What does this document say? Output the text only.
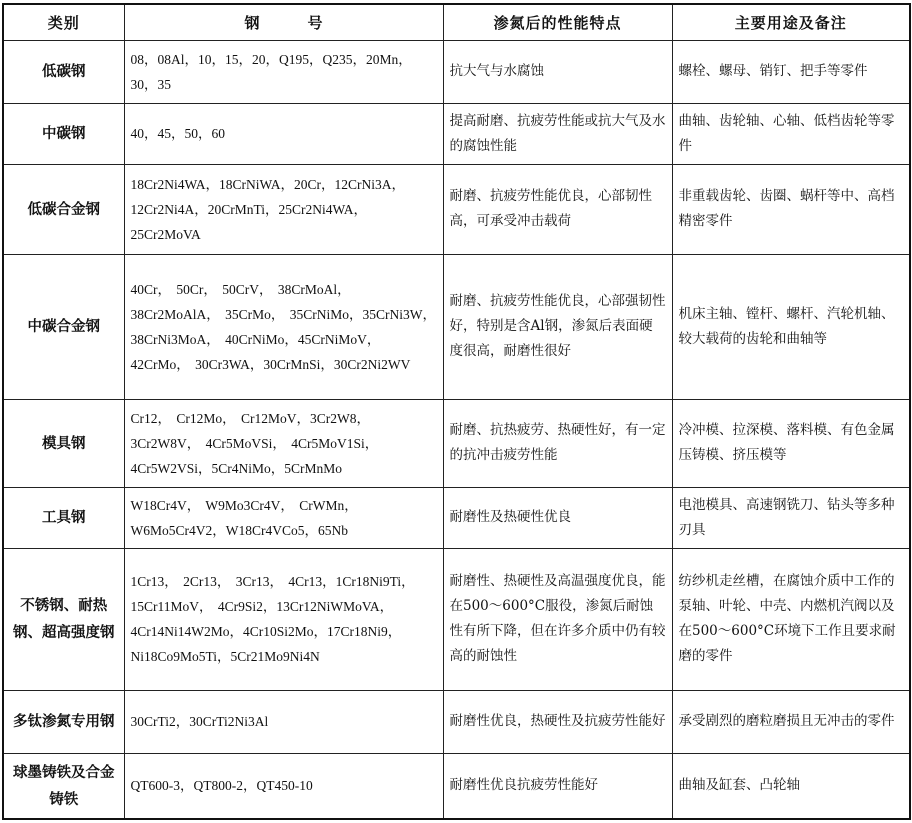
类别	钢号	渗氮后的性能特点	主要用途及备注
低碳钢	08，08Al，10，15，20，Q195，Q235，20Mn，30，35	抗大气与水腐蚀	螺栓、螺母、销钉、把手等零件
中碳钢	40，45，50，60	提高耐磨、抗疲劳性能或抗大气及水的腐蚀性能	曲轴、齿轮轴、心轴、低档齿轮等零件
低碳合金钢	18Cr2Ni4WA，18CrNiWA，20Cr，12CrNi3A，12Cr2Ni4A，20CrMnTi，25Cr2Ni4WA，25Cr2MoVA	耐磨、抗疲劳性能优良，心部韧性高，可承受冲击载荷	非重载齿轮、齿圈、蜗杆等中、高档精密零件
中碳合金钢	40Cr， 50Cr， 50CrV， 38CrMoAl，38Cr2MoAlA， 35CrMo， 35CrNiMo，35CrNi3W， 38CrNi3MoA， 40CrNiMo，45CrNiMoV， 42CrMo， 30Cr3WA，30CrMnSi，30Cr2Ni2WV	耐磨、抗疲劳性能优良，心部强韧性好，特别是含Al钢，渗氮后表面硬度很高，耐磨性很好	机床主轴、镗杆、螺杆、汽轮机轴、较大载荷的齿轮和曲轴等
模具钢	Cr12， Cr12Mo， Cr12MoV，3Cr2W8，3Cr2W8V， 4Cr5MoVSi， 4Cr5MoV1Si，4Cr5W2VSi，5Cr4NiMo，5CrMnMo	耐磨、抗热疲劳、热硬性好，有一定的抗冲击疲劳性能	冷冲模、拉深模、落料模、有色金属压铸模、挤压模等
工具钢	W18Cr4V， W9Mo3Cr4V， CrWMn，W6Mo5Cr4V2，W18Cr4VCo5，65Nb	耐磨性及热硬性优良	电池模具、高速钢铣刀、钻头等多种刃具
不锈钢、耐热钢、超高强度钢	1Cr13， 2Cr13， 3Cr13， 4Cr13，1Cr18Ni9Ti， 15Cr11MoV， 4Cr9Si2，13Cr12NiWMoVA， 4Cr14Ni14W2Mo，4Cr10Si2Mo，17Cr18Ni9，Ni18Co9Mo5Ti，5Cr21Mo9Ni4N	耐磨性、热硬性及高温强度优良，能在500～600°C服役，渗氮后耐蚀性有所下降，但在许多介质中仍有较高的耐蚀性	纺纱机走丝槽，在腐蚀介质中工作的泵轴、叶轮、中壳、内燃机汽阀以及在500～600°C环境下工作且要求耐磨的零件
多钛渗氮专用钢	30CrTi2，30CrTi2Ni3Al	耐磨性优良，热硬性及抗疲劳性能好	承受剧烈的磨粒磨损且无冲击的零件
球墨铸铁及合金铸铁	QT600-3，QT800-2，QT450-10	耐磨性优良抗疲劳性能好	曲轴及缸套、凸轮轴
